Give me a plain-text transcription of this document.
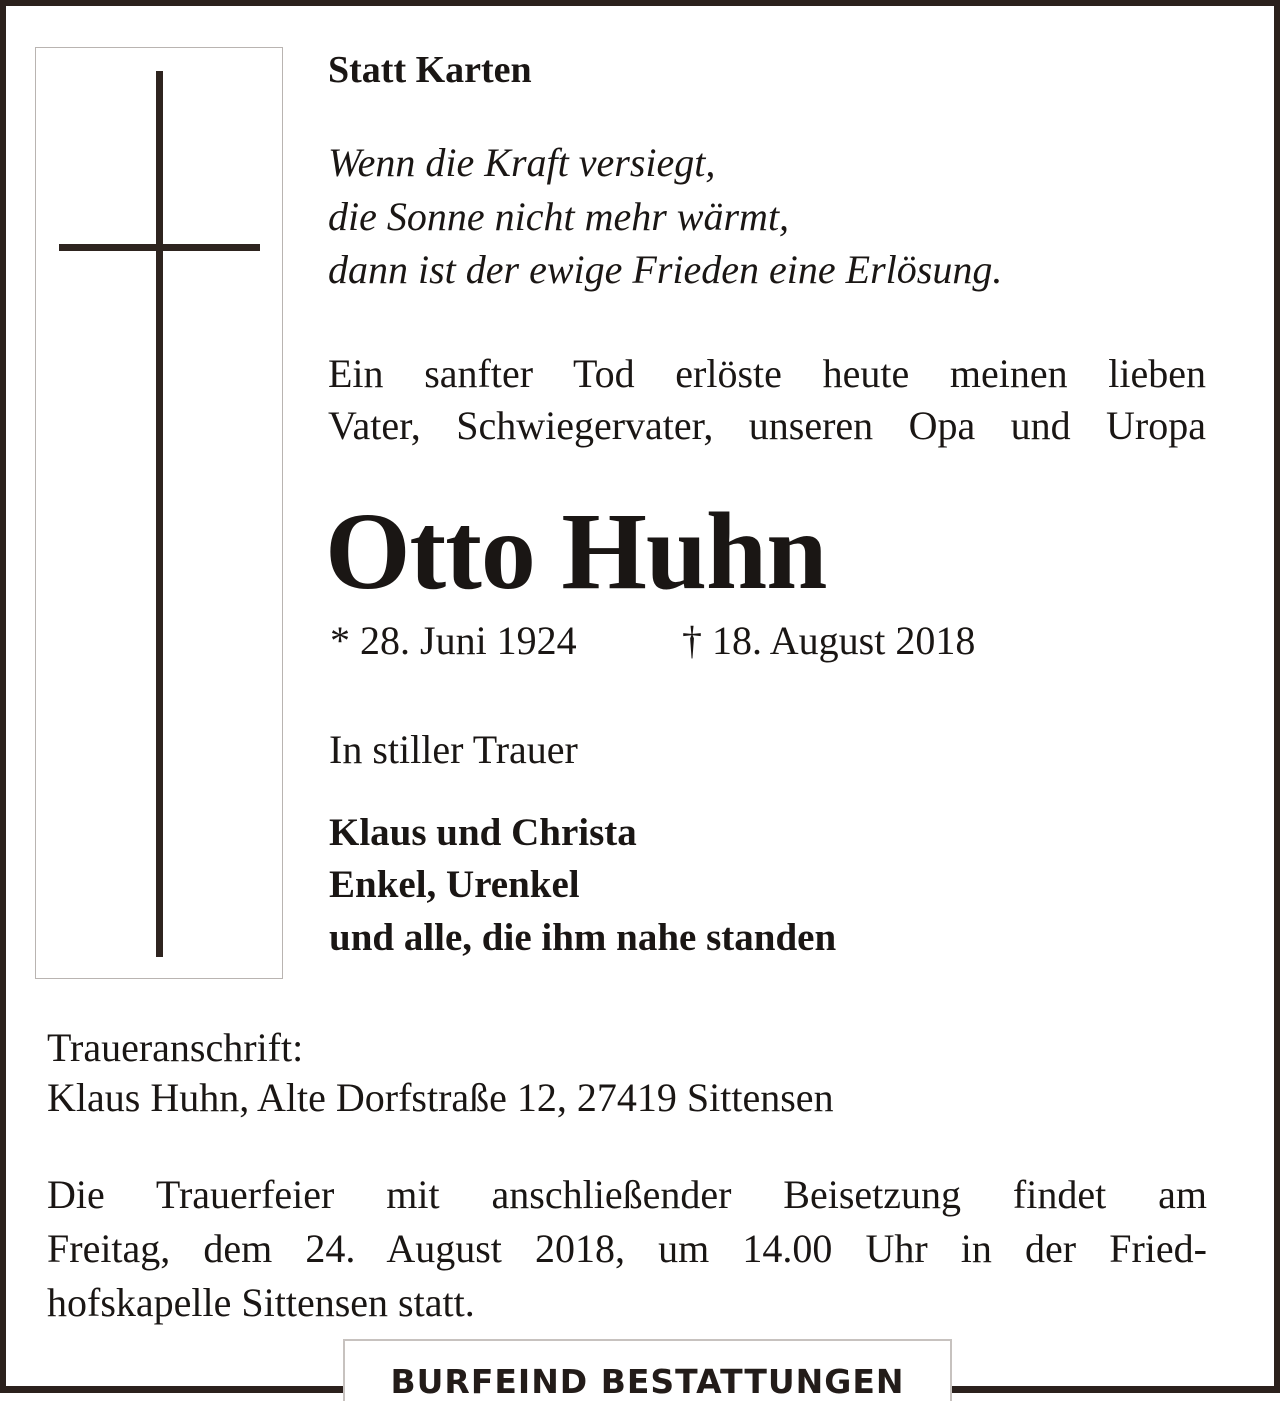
Statt Karten
Wenn die Kraft versiegt,
die Sonne nicht mehr wärmt,
dann ist der ewige Frieden eine Erlösung.
Ein sanfter Tod erlöste heute meinen lieben
Vater, Schwiegervater, unseren Opa und Uropa
Otto Huhn
* 28. Juni 1924	† 18. August 2018
In stiller Trauer
Klaus und Christa
Enkel, Urenkel
und alle, die ihm nahe standen
Traueranschrift:
Klaus Huhn, Alte Dorfstraße 12, 27419 Sittensen
Die Trauerfeier mit anschließender Beisetzung findet am
Freitag, dem 24. August 2018, um 14.00 Uhr in der Fried-
hofskapelle Sittensen statt.
BURFEIND BESTATTUNGEN
